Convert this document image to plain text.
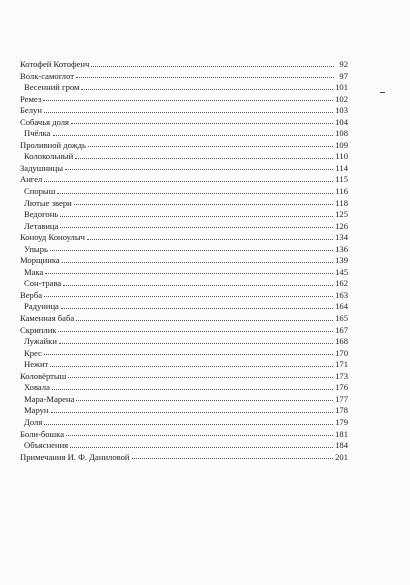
Котофей Котофенч	92
Волк-самоглот	97
Весенний гром	101
Ремез	102
Белун	103
Собачья доля	104
Пчёлка	108
Проливной дождь	109
Колокольный	110
Задушницы	114
Ангел	115
Спорыш	116
Лютые звери	118
Ведогонь	125
Летавица	126
Коноуд Коноулыч	134
Упырь	136
Морщинка	139
Мака	145
Сон-трава	162
Верба	163
Радуница	164
Каменная баба	165
Скриплик	167
Лужайки	168
Крес	170
Нежит	171
Коловёртыш	173
Ховала	176
Мара-Марена	177
Марун	178
Доля	179
Боли-бошка	181
Объяснения	184
Примечания И. Ф. Даниловой	201
